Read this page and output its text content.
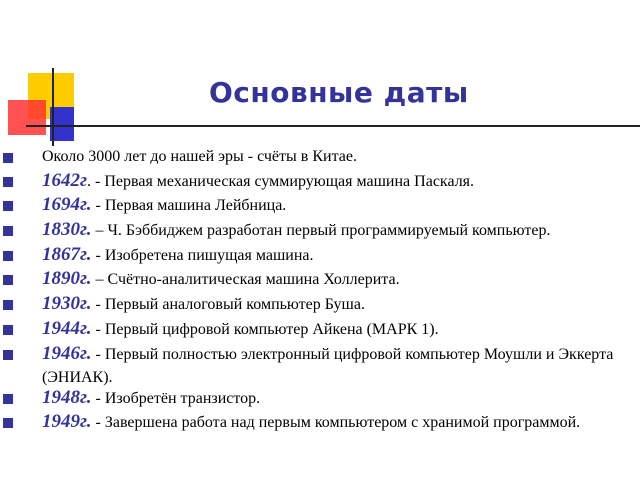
Основные даты
Около 3000 лет до нашей эры - счёты в Китае.
1642г. - Первая механическая суммирующая машина Паскаля.
1694г. - Первая машина Лейбница.
1830г. – Ч. Бэббиджем разработан первый программируемый компьютер.
1867г. - Изобретена пишущая машина.
1890г. – Счётно-аналитическая машина Холлерита.
1930г. - Первый аналоговый компьютер Буша.
1944г. - Первый цифровой компьютер Айкена (МАРК 1).
1946г. - Первый полностью электронный цифровой компьютер Моушли и Эккерта (ЭНИАК).
1948г. - Изобретён транзистор.
1949г. - Завершена работа над первым компьютером с хранимой программой.
